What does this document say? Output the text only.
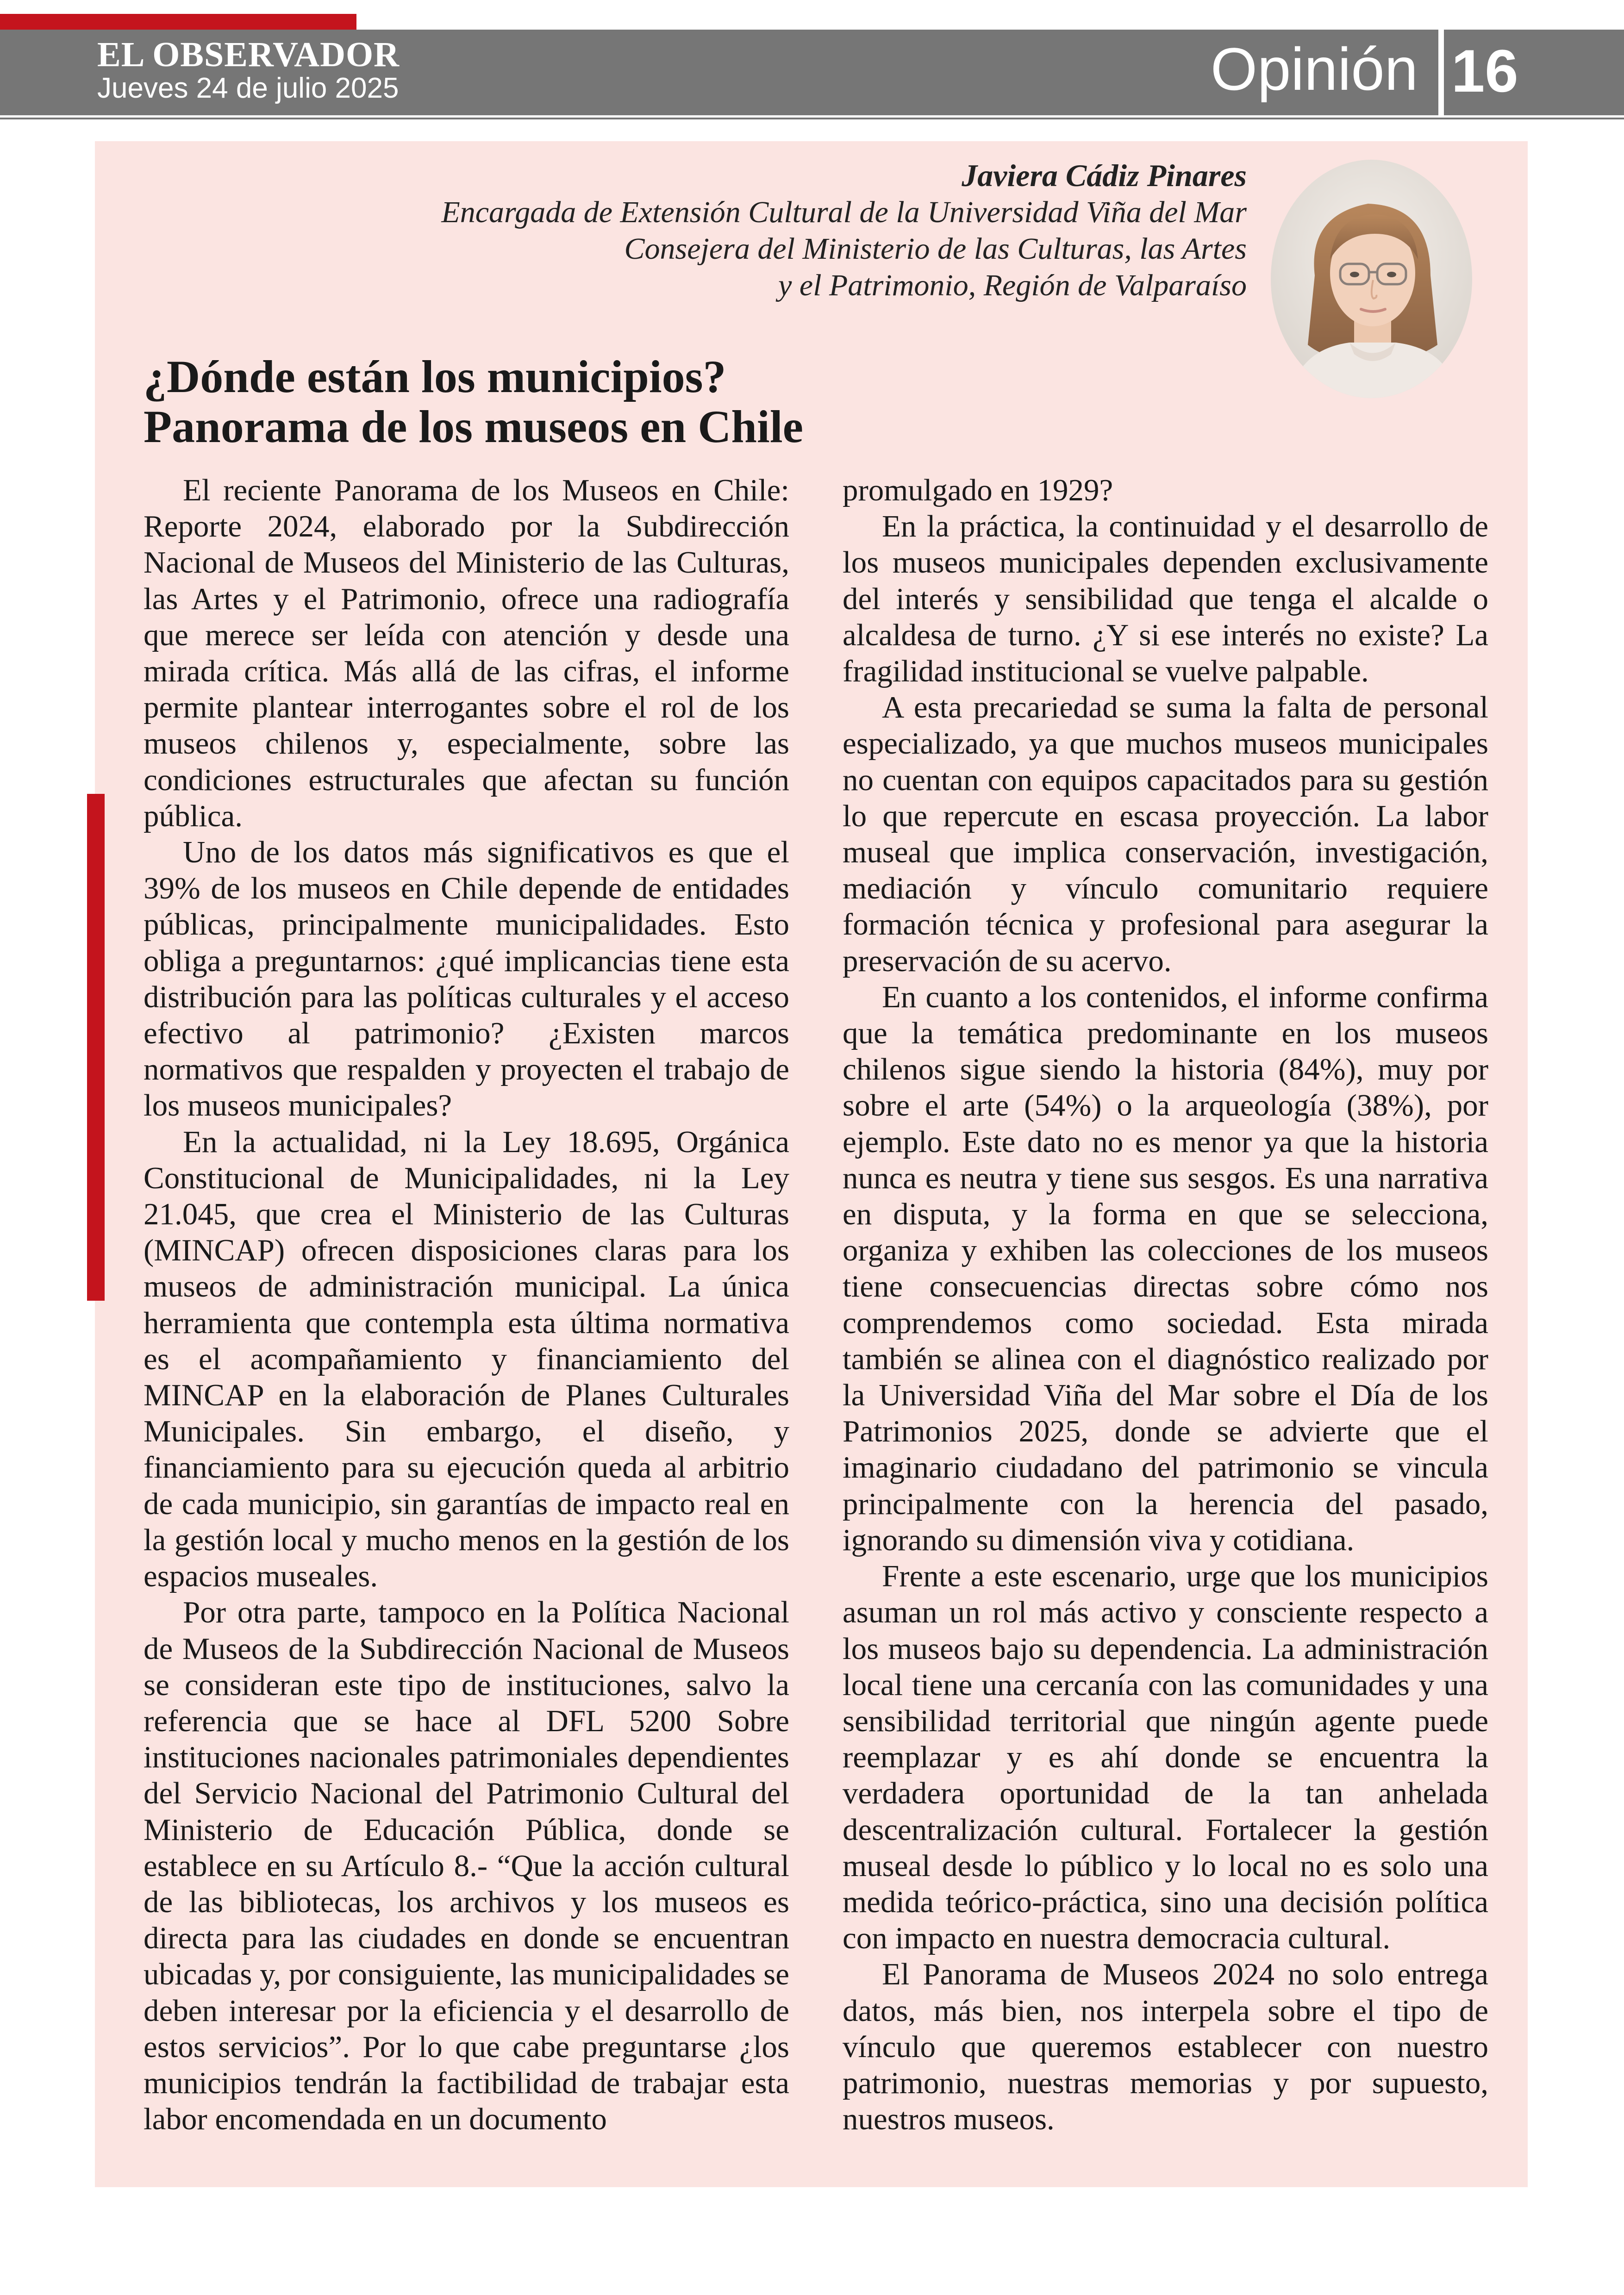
EL OBSERVADOR
Jueves 24 de julio 2025	Opinión 16
Javiera Cádiz Pinares
Encargada de Extensión Cultural de la Universidad Viña del Mar
Consejera del Ministerio de las Culturas, las Artes
y el Patrimonio, Región de Valparaíso
¿Dónde están los municipios?
Panorama de los museos en Chile

El reciente Panorama de los Museos en Chile: Reporte 2024, elaborado por la Subdirección Nacional de Museos del Ministerio de las Culturas, las Artes y el Patrimonio, ofrece una radiografía que merece ser leída con atención y desde una mirada crítica. Más allá de las cifras, el informe permite plantear interrogantes sobre el rol de los museos chilenos y, especialmente, sobre las condiciones estructurales que afectan su función pública.

Uno de los datos más significativos es que el 39% de los museos en Chile depende de entidades públicas, principalmente municipalidades. Esto obliga a preguntarnos: ¿qué implicancias tiene esta distribución para las políticas culturales y el acceso efectivo al patrimonio? ¿Existen marcos normativos que respalden y proyecten el trabajo de los museos municipales?

En la actualidad, ni la Ley 18.695, Orgánica Constitucional de Municipalidades, ni la Ley 21.045, que crea el Ministerio de las Culturas (MINCAP) ofrecen disposiciones claras para los museos de administración municipal. La única herramienta que contempla esta última normativa es el acompañamiento y financiamiento del MINCAP en la elaboración de Planes Culturales Municipales. Sin embargo, el diseño, y financiamiento para su ejecución queda al arbitrio de cada municipio, sin garantías de impacto real en la gestión local y mucho menos en la gestión de los espacios museales.

Por otra parte, tampoco en la Política Nacional de Museos de la Subdirección Nacional de Museos se consideran este tipo de instituciones, salvo la referencia que se hace al DFL 5200 Sobre instituciones nacionales patrimoniales dependientes del Servicio Nacional del Patrimonio Cultural del Ministerio de Educación Pública, donde se establece en su Artículo 8.- “Que la acción cultural de las bibliotecas, los archivos y los museos es directa para las ciudades en donde se encuentran ubicadas y, por consiguiente, las municipalidades se deben interesar por la eficiencia y el desarrollo de estos servicios”. Por lo que cabe preguntarse ¿los municipios tendrán la factibilidad de trabajar esta labor encomendada en un documento

promulgado en 1929?

En la práctica, la continuidad y el desarrollo de los museos municipales dependen exclusivamente del interés y sensibilidad que tenga el alcalde o alcaldesa de turno. ¿Y si ese interés no existe? La fragilidad institucional se vuelve palpable.

A esta precariedad se suma la falta de personal especializado, ya que muchos museos municipales no cuentan con equipos capacitados para su gestión lo que repercute en escasa proyección. La labor museal que implica conservación, investigación, mediación y vínculo comunitario requiere formación técnica y profesional para asegurar la preservación de su acervo.

En cuanto a los contenidos, el informe confirma que la temática predominante en los museos chilenos sigue siendo la historia (84%), muy por sobre el arte (54%) o la arqueología (38%), por ejemplo. Este dato no es menor ya que la historia nunca es neutra y tiene sus sesgos. Es una narrativa en disputa, y la forma en que se selecciona, organiza y exhiben las colecciones de los museos tiene consecuencias directas sobre cómo nos comprendemos como sociedad. Esta mirada también se alinea con el diagnóstico realizado por la Universidad Viña del Mar sobre el Día de los Patrimonios 2025, donde se advierte que el imaginario ciudadano del patrimonio se vincula principalmente con la herencia del pasado, ignorando su dimensión viva y cotidiana.

Frente a este escenario, urge que los municipios asuman un rol más activo y consciente respecto a los museos bajo su dependencia. La administración local tiene una cercanía con las comunidades y una sensibilidad territorial que ningún agente puede reemplazar y es ahí donde se encuentra la verdadera oportunidad de la tan anhelada descentralización cultural. Fortalecer la gestión museal desde lo público y lo local no es solo una medida teórico-práctica, sino una decisión política con impacto en nuestra democracia cultural.

El Panorama de Museos 2024 no solo entrega datos, más bien, nos interpela sobre el tipo de vínculo que queremos establecer con nuestro patrimonio, nuestras memorias y por supuesto, nuestros museos.
